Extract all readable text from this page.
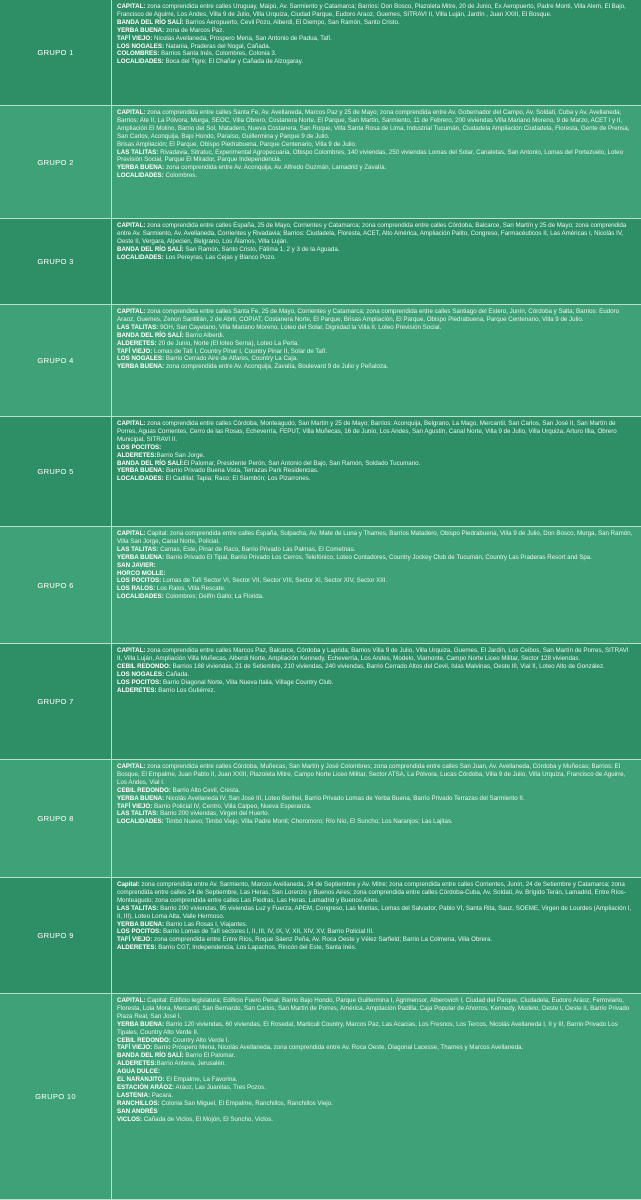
GRUPO 1

CAPITAL: zona comprendida entre calles Uruguay, Maipú, Av. Sarmiento y Catamarca; Barrios: Don Bosco, Plazoleta Mitre, 20 de Junio, Ex Aeropuerto, Padre Monti, Villa Alem, El Bajo, Francisco de Aguirre, Los Andes, Villa 9 de Julio, Villa Urquiza, Ciudad Parque, Eudoro Araoz, Guemes, SITRAVI II, Villa Luján, Jardín , Juan XXIII, El Bosque.

BANDA DEL RÍO SALÍ: Barrios Aeropuerto, Cevil Pozo, Alberdi, El Diempo, San Ramón, Santo Cristo.

YERBA BUENA: zona de Marcos Paz.

TAFÍ VIEJO: Nicolás Avellaneda, Prospero Mena, San Antonio de Padua, Tafí.

LOS NOGALES: Natania, Praderas del Nogal, Cañada.

COLOMBRES: Barrios Santa Inés, Colombres, Colonia 3.

LOCALIDADES: Boca del Tigre; El Chañar y Cañada de Alzogaray.

GRUPO 2

CAPITAL: zona comprendida entre calles Santa Fe, Av. Avellaneda, Marcos Paz y 25 de Mayo; zona comprendida entre Av. Gobernador del Campo, Av. Soldati, Cuba y Av. Avellaneda; Barrios: Ate II, La Pólvora, Murga, SEOC, Villa Obrero, Costanera Norte, El Parque, San Martín, Sarmiento, 11 de Febrero, 200 viviendas Villa Mariano Moreno, 9 de Marzo, ACET I y II, Ampliación El Molino, Barrio del Sol, Matadero, Nueva Costanera, San Roque, Villa Santa Rosa de Lima, Industrial Tucumán, Ciudadela Ampliación Ciudadela, Floresta, Gente de Prensa, San Carlos, Aconquija, Bajo Hondo, Paraíso, Guillermina y Parque 9 de Julio.

Brisas Ampliación; El Parque, Obispo Piedrabuena, Parque Centenario, Villa 9 de Julio.

LAS TALITAS: Rivadavia, Sitratuc, Experimental Agropecuaria, Obispo Colombres, 140 viviendas, 250 viviendas Lomas del Solar, Canaletas, San Antonio, Lomas del Portezuelo, Loteo Previsión Social, Parque El Mirador, Parque Independencia.

YERBA BUENA: zona comprendida entre Av. Aconquija, Av. Alfredo Guzmán, Lamadrid y Zavalía.

LOCALIDADES: Colombres.

GRUPO 3

CAPITAL: zona comprendida entre calles España, 25 de Mayo, Corrientes y Catamarca; zona comprendida entre calles Córdoba, Balcarce, San Martín y 25 de Mayo; zona comprendida entre Av. Sarmiento, Av. Avellaneda, Corrientes y Rivadavia; Barrios: Ciudadela, Floresta, ACET, Alto América, Ampliación Palito, Congreso, Farmacéuticos II, Las Américas I, Nicolás IV, Oeste II, Vergara, Alpecien, Belgrano, Los Álamos, Villa Luján.

BANDA DEL RÍO SALÍ: San Ramón, Santo Cristo, Fátima 1, 2 y 3 de la Aguada.

LOCALIDADES: Los Pereyras, Las Cejas y Blanco Pozo.

GRUPO 4

CAPITAL: zona comprendida entre calles Santa Fe, 25 de Mayo, Corrientes y Catamarca; zona comprendida entre calles Santiago del Estero, Junín, Córdoba y Salta; Barrios: Eudoro Araoz, Guemes, Zenon Santillán, 2 de Abril, COPIAT, Costanera Norte, El Parque, Brisas Ampliación, El Parque, Obispo Piedrabuena, Parque Centenario, Villa 9 de Julio.

LAS TALITAS: 9OH, San Cayetano, Villa Mariano Moreno, Loteo del Solar, Dignidad la Villa II, Loteo Previsión Social.

BANDA DEL RÍO SALÍ: Barrio Alberdi.

ALDERETES: 20 de Junio, Norte (El loteo Serna), Loteo La Perla.

TAFÍ VIEJO: Lomas de Tafí I, Country Pinar I, Country Pinar II, Solar de Tafí.

LOS NOGALES: Barrio Cerrado Aire de Alfares, Country La Caja.

YERBA BUENA: zona comprendida entre Av. Aconquija, Zavalía, Boulevard 9 de Julio y Peñaloza.

GRUPO 5

CAPITAL: zona comprendida entre calles Córdoba, Monteagudo, San Martín y 25 de Mayo; Barrios: Aconquija, Belgrano, La Mago, Mercantil, San Carlos, San José II, San Martín de Porres, Aguas Corrientes, Cerro de las Rosas, Echeverría, FEPUT, Villa Muñecas, 16 de Junio, Los Andes, San Agustín, Canal Norte, Villa 9 de Julio, Villa Urquiza, Arturo Illia, Obrero Municipal, SITRAVI II.

LOS POCITOS:

ALDERETES:Barrio San Jorge.

BANDA DEL RÍO SALÍ:El Palomar, Presidente Perón, San Antonio del Bajo, San Ramón, Soldado Tucumano.

YERBA BUENA: Barrio Privado Buena Vista, Terrazas Park Residencias.

LOCALIDADES: El Cadillal; Tapia; Raco; El Siambón; Los Pizarrones.

GRUPO 6

CAPITAL: Capital: zona comprendida entre calles España, Sulpacha, Av. Mate de Luna y Thames, Barrios Matadero, Obispo Piedrabuena, Villa 9 de Julio, Don Bosco, Murga, San Ramón, Villa San Jorge, Canal Norte, Policial.

LAS TALITAS: Camas, Este, Pinar de Raco, Barrio Privado Las Palmas, El Cometnas.

YERBA BUENA: Barrio Privado El Tipal, Barrio Privado Los Cerros, Telefónico, Loteo Contadores, Country Jockey Club de Tucumán, Country Las Praderas Resort and Spa.

SAN JAVIER:

HORCO MOLLE:

LOS POCITOS: Lomas de Tafí Sector VI, Sector VII, Sector VIII, Sector XI, Sector XIV, Sector XIII.

LOS RALOS: Los Ralos, Villa Rescate.

LOCALIDADES: Colombres; Delfín Gallo; La Florida.

GRUPO 7

CAPITAL: zona comprendida entre calles Marcos Paz, Balcarce, Córdoba y Laprida; Barrios Villa 9 de Julio, Villa Urquiza, Guemes, El Jardín, Los Ceibos, San Martín de Porres, SITRAVI II, Villa Luján, Ampliación Villa Muñecas, Alberdi Norte, Ampliación Kennedy, Echeverría, Los Andes, Modelo, Viamonte, Campo Norte Liceo Militar, Sector 128 viviendas.

CEBIL REDONDO: Barrios 188 viviendas, 21 de Setiembre, 210 viviendas, 240 viviendas, Barrio Cerrado Altos del Cevil, Islas Malvinas, Oeste III, Vial II, Loteo Alto de González.

LOS NOGALES: Cañada.

LOS POCITOS: Barrio Diagonal Norte, Villa Nueva Italia, Village Country Club.

ALDERETES: Barrio Los Gutiérrez.

GRUPO 8

CAPITAL: zona comprendida entre calles Córdoba, Muñecas, San Martín y José Colombres; zona comprendida entre calles San Juan, Av. Avellaneda, Córdoba y Muñecas; Barrios: El Bosque, El Empalme, Juan Pablo II, Juan XXIII, Plazoleta Mitre, Campo Norte Liceo Militar, Sector ATSA, La Pólvora, Lucas Córdoba, Villa 9 de Julio, Villa Urquiza, Francisco de Aguirre, Los Andes, Vial I.

CEBIL REDONDO: Barrio Alto Cevil, Cresta.

YERBA BUENA: Nicolás Avellaneda IV, San José III, Loteo Berihel, Barrio Privado Lomas de Yerba Buena, Barrio Privado Terrazas del Sarmiento II.

TAFÍ VIEJO: Barrio Policial IV, Centro, Villa Calpeo, Nueva Esperanza.

LAS TALITAS: Barrio 200 viviendas, Virgen del Huerto.

LOCALIDADES: Timbó Nuevo; Timbó Viejo; Villa Padre Monti; Choromoro; Río Nío, El Suncho; Los Naranjos; Las Lajitas.

GRUPO 9

Capital: zona comprendida entre Av. Sarmiento, Marcos Avellaneda, 24 de Septiembre y Av. Mitre; zona comprendida entre calles Corrientes, Junín, 24 de Setiembre y Catamarca; zona comprendida entre calles 24 de Septiembre, Las Heras, San Lorenzo y Buenos Aires; zona comprendida entre calles Córdoba-Cuba, Av. Soldati, Av. Brígido Terán, Lamadrid, Entre Ríos-Monteagudo; zona comprendida entre calles Las Piedras, Las Heras, Lamadrid y Buenos Aires.

LAS TALITAS: Barrio 200 viviendas, 95 viviendas Luz y Fuerza, APEM, Congreso, Las Moritas, Lomas del Salvador, Pablo VI, Santa Rita, Sauz, SOEME, Virgen de Lourdes (Ampliación I, II, III), Loteo Loma Alta, Valle Hermoso.

YERBA BUENA: Barrio Las Rosas I, Viajantes.

LOS POCITOS: Barrio Lomas de Tafí sectores I, II, III, IV, IX, V, XII, XIV, XV, Barrio Policial III.

TAFÍ VIEJO: zona comprendida entre Entre Ríos, Roque Sáenz Peña, Av. Roca Oeste y Vélez Sarfield; Barrio La Colmena, Villa Obrera.

ALDERETES: Barrio CGT, Independencia, Los Lapachos, Rincón del Este, Santa Inés.

GRUPO 10

CAPITAL: Capital: Edificio legislatura; Edificio Fuero Penal; Barrio Bajo Hondo, Parque Guillermina I, Agrimensor, Alberovich I, Ciudad del Parque, Ciudadela, Eudoro Aráoz, Ferroviario, Floresta, Lola Mora, Mercantil, San Bernardo, San Carlos, San Martín de Porres, América, Ampliación Padilla, Caja Popular de Ahorros, Kennedy, Modelo, Oeste I, Oeste II, Barrio Privado Plaza Real, San José I.

YERBA BUENA: Barrio 120 viviendas, 60 viviendas, El Rosedal, Marticuli Country, Marcos Paz, Las Acacias, Los Fresnos, Los Tercos, Nicolás Avellaneda I, II y III, Barrio Privado Los Tipales, Country Alto Verde II.

CEBIL REDONDO: Country Alto Verde I.

TAFÍ VIEJO: Barrio Próspero Mena, Nicolás Avellaneda, zona comprendida entre Av. Roca Oeste, Diagonal Lacesse, Thames y Marcos Avellaneda.

BANDA DEL RÍO SALÍ: Barrio El Palomar.

ALDERETES:Barrio Antena, Jerusalén.

AGUA DULCE:

EL NARANJITO: El Empalme, La Favorina.

ESTACIÓN ARÁOZ: Aráoz, Las Juanitas, Tres Pozos.

LASTENIA: Pacara.

RANCHILLOS: Colonia San Miguel, El Empalme, Ranchillos, Ranchillos Viejo.

SAN ANDRÉS

VICLOS: Cañada de Viclos, El Mojón, El Suncho, Viclos.
